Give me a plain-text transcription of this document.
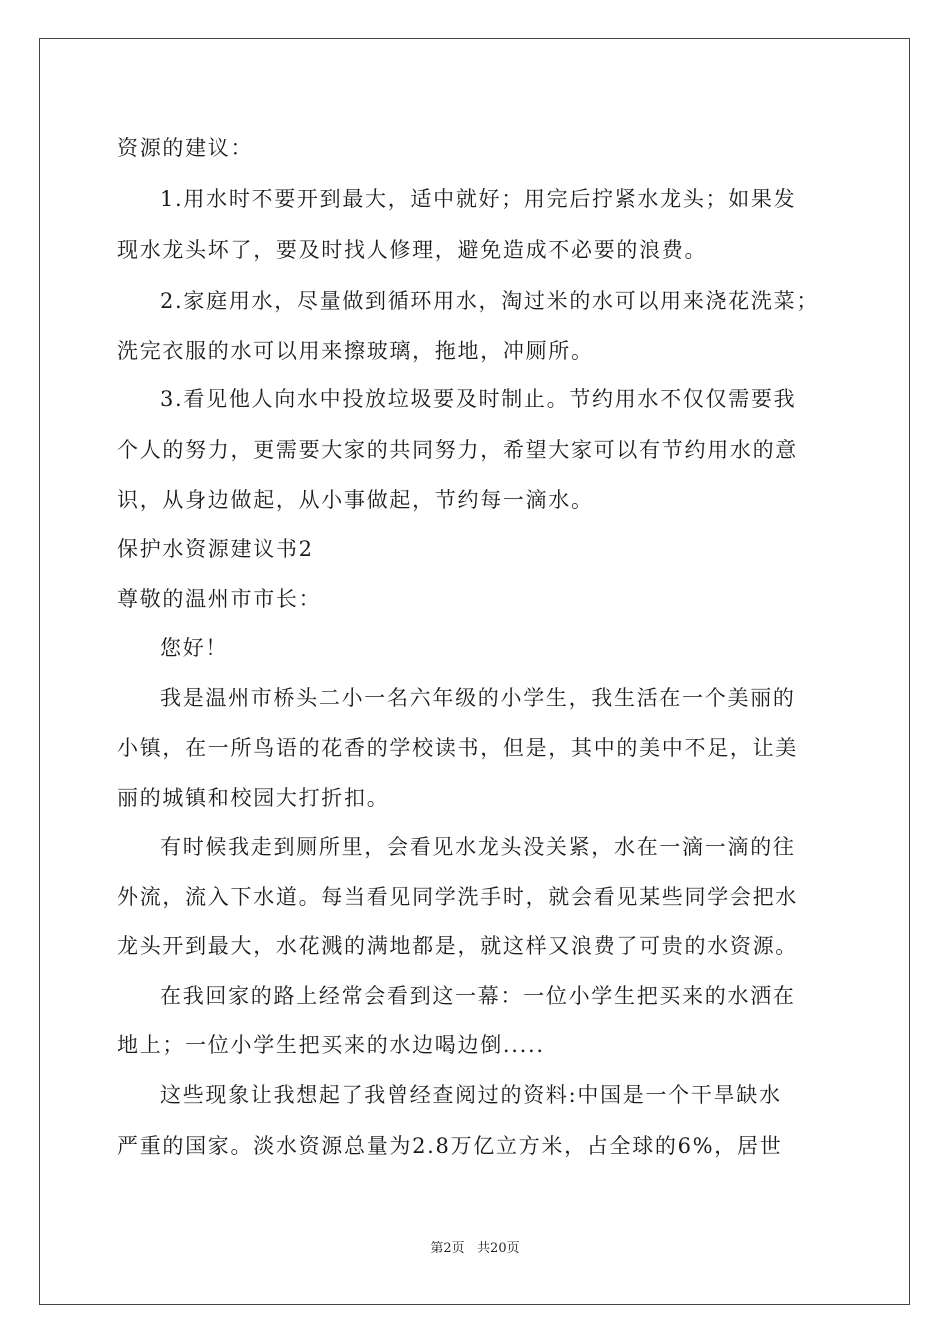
资源的建议：
1.用水时不要开到最大，适中就好；用完后拧紧水龙头；如果发
现水龙头坏了，要及时找人修理，避免造成不必要的浪费。
2.家庭用水，尽量做到循环用水，淘过米的水可以用来浇花洗菜；
洗完衣服的水可以用来擦玻璃，拖地，冲厕所。
3.看见他人向水中投放垃圾要及时制止。节约用水不仅仅需要我
个人的努力，更需要大家的共同努力，希望大家可以有节约用水的意
识，从身边做起，从小事做起，节约每一滴水。
保护水资源建议书2
尊敬的温州市市长：
您好！
我是温州市桥头二小一名六年级的小学生，我生活在一个美丽的
小镇，在一所鸟语的花香的学校读书，但是，其中的美中不足，让美
丽的城镇和校园大打折扣。
有时候我走到厕所里，会看见水龙头没关紧，水在一滴一滴的往
外流，流入下水道。每当看见同学洗手时，就会看见某些同学会把水
龙头开到最大，水花溅的满地都是，就这样又浪费了可贵的水资源。
在我回家的路上经常会看到这一幕：一位小学生把买来的水洒在
地上；一位小学生把买来的水边喝边倒.....
这些现象让我想起了我曾经查阅过的资料:中国是一个干旱缺水
严重的国家。淡水资源总量为2.8万亿立方米，占全球的6%，居世
第2页   共20页
